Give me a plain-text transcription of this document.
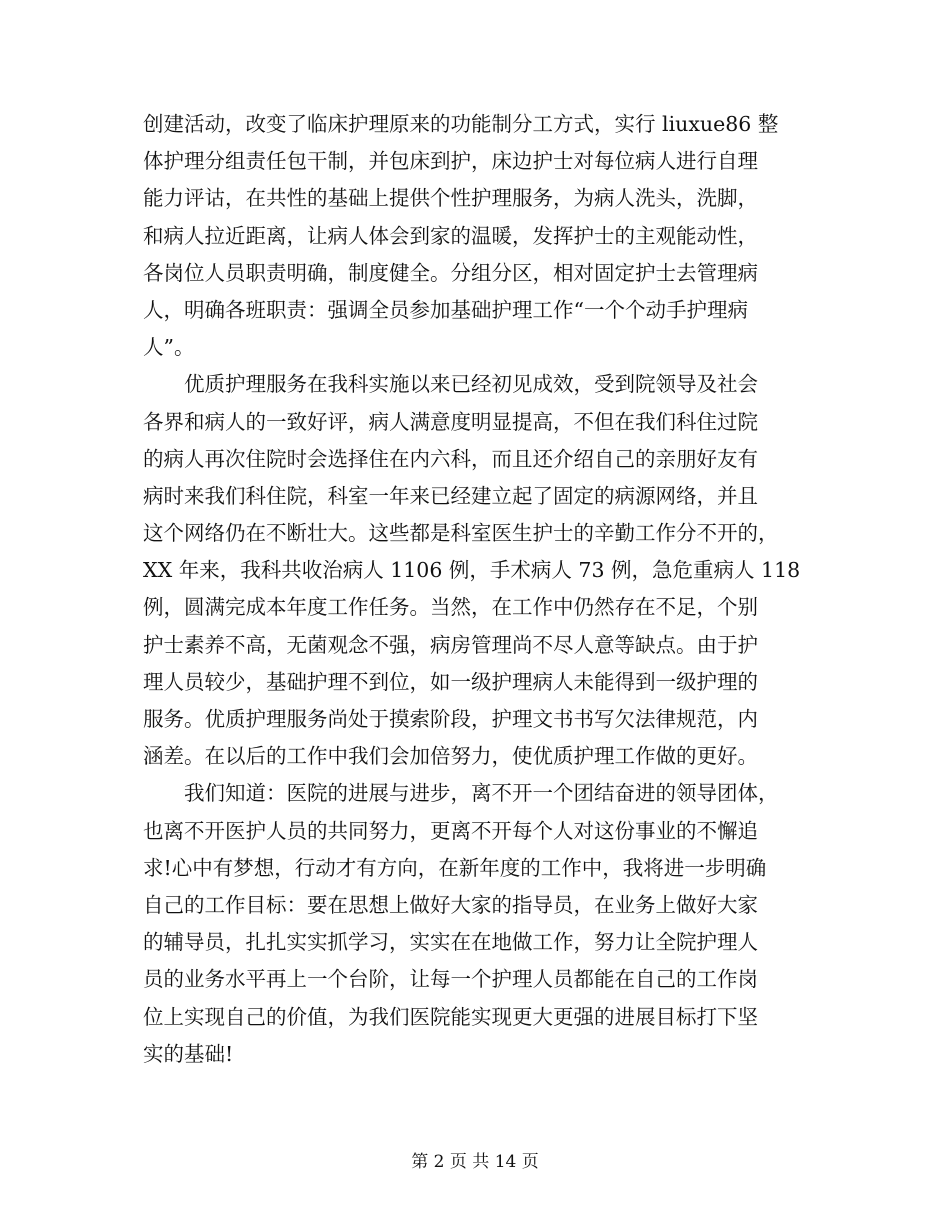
创建活动，改变了临床护理原来的功能制分工方式，实行 liuxue86 整
体护理分组责任包干制，并包床到护，床边护士对每位病人进行自理
能力评诂，在共性的基础上提供个性护理服务，为病人洗头，洗脚，
和病人拉近距离，让病人体会到家的温暖，发挥护士的主观能动性，
各岗位人员职责明确，制度健全。分组分区，相对固定护士去管理病
人，明确各班职责：强调全员参加基础护理工作“一个个动手护理病
人”。
　　优质护理服务在我科实施以来已经初见成效，受到院领导及社会
各界和病人的一致好评，病人满意度明显提高，不但在我们科住过院
的病人再次住院时会选择住在内六科，而且还介绍自己的亲朋好友有
病时来我们科住院，科室一年来已经建立起了固定的病源网络，并且
这个网络仍在不断壮大。这些都是科室医生护士的辛勤工作分不开的，
XX 年来，我科共收治病人 1106 例，手术病人 73 例，急危重病人 118
例，圆满完成本年度工作任务。当然，在工作中仍然存在不足，个别
护士素养不高，无菌观念不强，病房管理尚不尽人意等缺点。由于护
理人员较少，基础护理不到位，如一级护理病人未能得到一级护理的
服务。优质护理服务尚处于摸索阶段，护理文书书写欠法律规范，内
涵差。在以后的工作中我们会加倍努力，使优质护理工作做的更好。
　　我们知道：医院的进展与进步，离不开一个团结奋进的领导团体，
也离不开医护人员的共同努力，更离不开每个人对这份事业的不懈追
求!心中有梦想，行动才有方向，在新年度的工作中，我将进一步明确
自己的工作目标：要在思想上做好大家的指导员，在业务上做好大家
的辅导员，扎扎实实抓学习，实实在在地做工作，努力让全院护理人
员的业务水平再上一个台阶，让每一个护理人员都能在自己的工作岗
位上实现自己的价值，为我们医院能实现更大更强的进展目标打下坚
实的基础!
第 2 页 共 14 页
